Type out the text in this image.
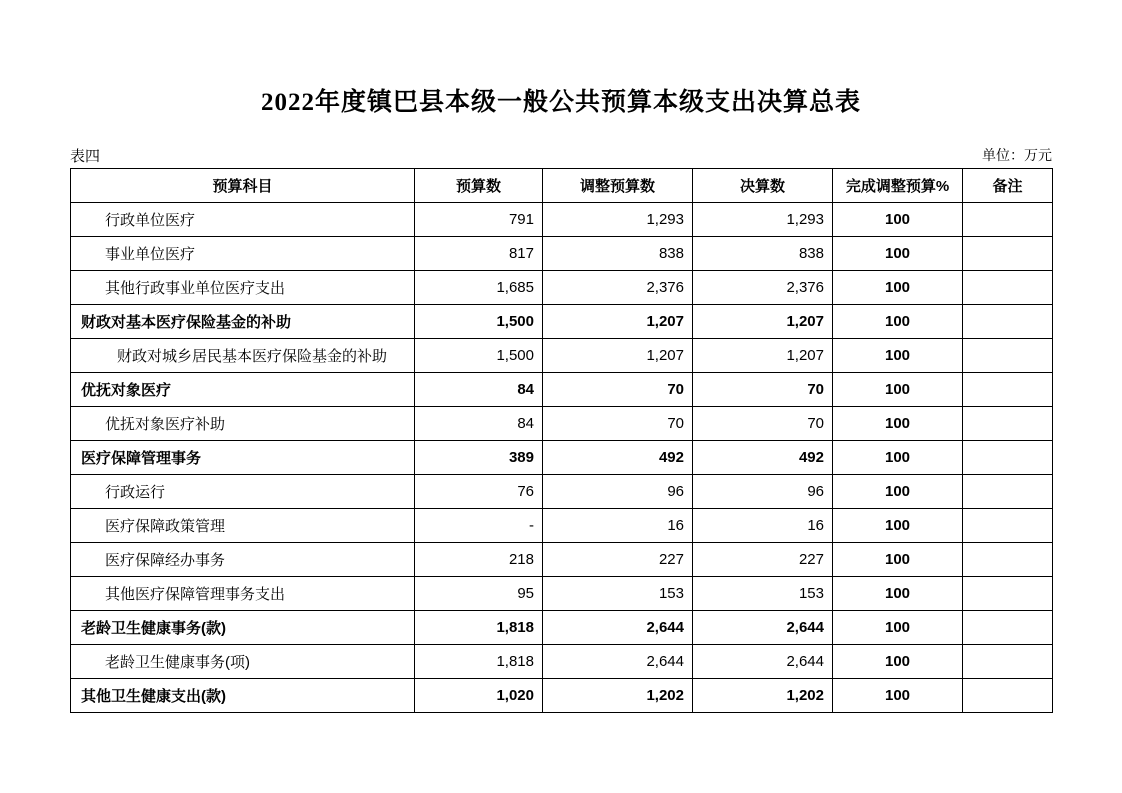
2022年度镇巴县本级一般公共预算本级支出决算总表
表四	单位：万元
预算科目	预算数	调整预算数	决算数	完成调整预算%	备注
行政单位医疗	791	1,293	1,293	100	
事业单位医疗	817	838	838	100	
其他行政事业单位医疗支出	1,685	2,376	2,376	100	
财政对基本医疗保险基金的补助	1,500	1,207	1,207	100	
财政对城乡居民基本医疗保险基金的补助	1,500	1,207	1,207	100	
优抚对象医疗	84	70	70	100	
优抚对象医疗补助	84	70	70	100	
医疗保障管理事务	389	492	492	100	
行政运行	76	96	96	100	
医疗保障政策管理	-	16	16	100	
医疗保障经办事务	218	227	227	100	
其他医疗保障管理事务支出	95	153	153	100	
老龄卫生健康事务(款)	1,818	2,644	2,644	100	
老龄卫生健康事务(项)	1,818	2,644	2,644	100	
其他卫生健康支出(款)	1,020	1,202	1,202	100	
